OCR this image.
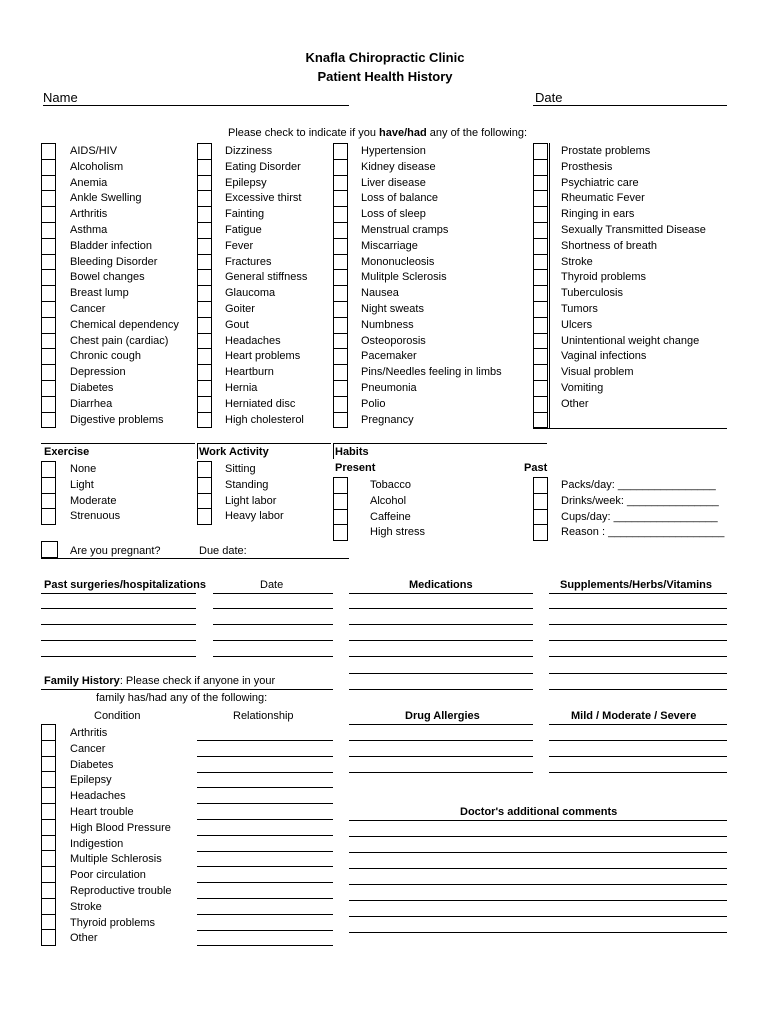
Knafla Chiropractic Clinic
Patient Health History
Name	Date
Please check to indicate if you have/had any of the following:
AIDS/HIV
Alcoholism
Anemia
Ankle Swelling
Arthritis
Asthma
Bladder infection
Bleeding Disorder
Bowel changes
Breast lump
Cancer
Chemical dependency
Chest pain (cardiac)
Chronic cough
Depression
Diabetes
Diarrhea
Digestive problems
Dizziness
Eating Disorder
Epilepsy
Excessive thirst
Fainting
Fatigue
Fever
Fractures
General stiffness
Glaucoma
Goiter
Gout
Headaches
Heart problems
Heartburn
Hernia
Herniated disc
High cholesterol
Hypertension
Kidney disease
Liver disease
Loss of balance
Loss of sleep
Menstrual cramps
Miscarriage
Mononucleosis
Mulitple Sclerosis
Nausea
Night sweats
Numbness
Osteoporosis
Pacemaker
Pins/Needles feeling in limbs
Pneumonia
Polio
Pregnancy
Prostate problems
Prosthesis
Psychiatric care
Rheumatic Fever
Ringing in ears
Sexually Transmitted Disease
Shortness of breath
Stroke
Thyroid problems
Tuberculosis
Tumors
Ulcers
Unintentional weight change
Vaginal infections
Visual problem
Vomiting
Other
Exercise	Work Activity	Habits
Present	Past
None
Light
Moderate
Strenuous
Sitting
Standing
Light labor
Heavy labor
Tobacco	Packs/day: ________________
Alcohol	Drinks/week: _______________
Caffeine	Cups/day: _________________
High stress	Reason : ___________________
Are you pregnant?	Due date:
Past surgeries/hospitalizations	Date	Medications	Supplements/Herbs/Vitamins
Family History: Please check if anyone in your
family has/had any of the following:
Condition	Relationship
Arthritis
Cancer
Diabetes
Epilepsy
Headaches
Heart trouble
High Blood Pressure
Indigestion
Multiple Schlerosis
Poor circulation
Reproductive trouble
Stroke
Thyroid problems
Other
Drug Allergies	Mild / Moderate / Severe
Doctor's additional comments
